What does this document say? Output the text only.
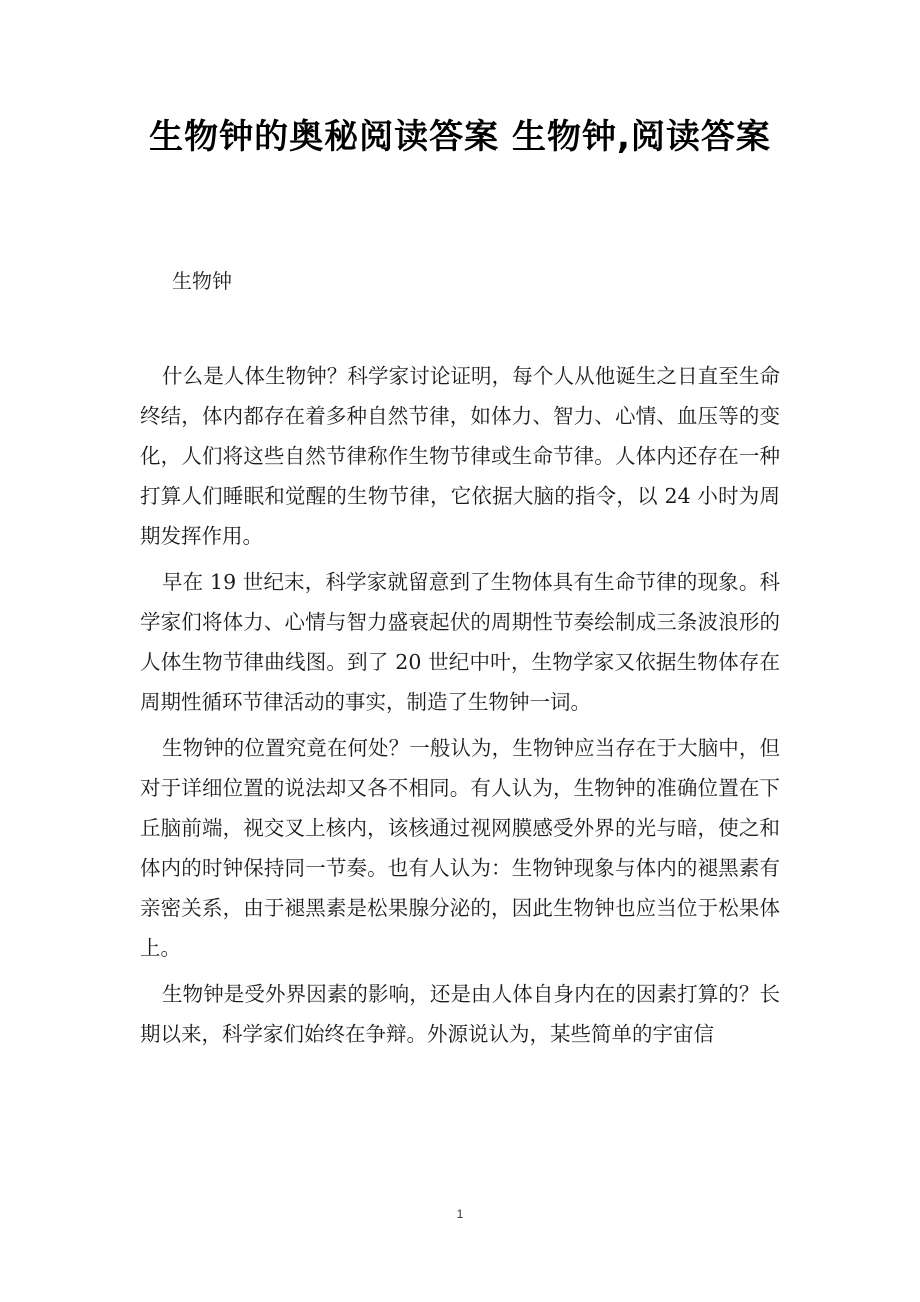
生物钟的奥秘阅读答案 生物钟,阅读答案
生物钟

什么是人体生物钟？科学家讨论证明，每个人从他诞生之日直至生命终结，体内都存在着多种自然节律，如体力、智力、心情、血压等的变化，人们将这些自然节律称作生物节律或生命节律。人体内还存在一种打算人们睡眠和觉醒的生物节律，它依据大脑的指令，以 24 小时为周期发挥作用。

早在 19 世纪末，科学家就留意到了生物体具有生命节律的现象。科学家们将体力、心情与智力盛衰起伏的周期性节奏绘制成三条波浪形的人体生物节律曲线图。到了 20 世纪中叶，生物学家又依据生物体存在周期性循环节律活动的事实，制造了生物钟一词。

生物钟的位置究竟在何处？一般认为，生物钟应当存在于大脑中，但对于详细位置的说法却又各不相同。有人认为，生物钟的准确位置在下丘脑前端，视交叉上核内，该核通过视网膜感受外界的光与暗，使之和体内的时钟保持同一节奏。也有人认为：生物钟现象与体内的褪黑素有亲密关系，由于褪黑素是松果腺分泌的，因此生物钟也应当位于松果体上。

生物钟是受外界因素的影响，还是由人体自身内在的因素打算的？长期以来，科学家们始终在争辩。外源说认为，某些简单的宇宙信

1
